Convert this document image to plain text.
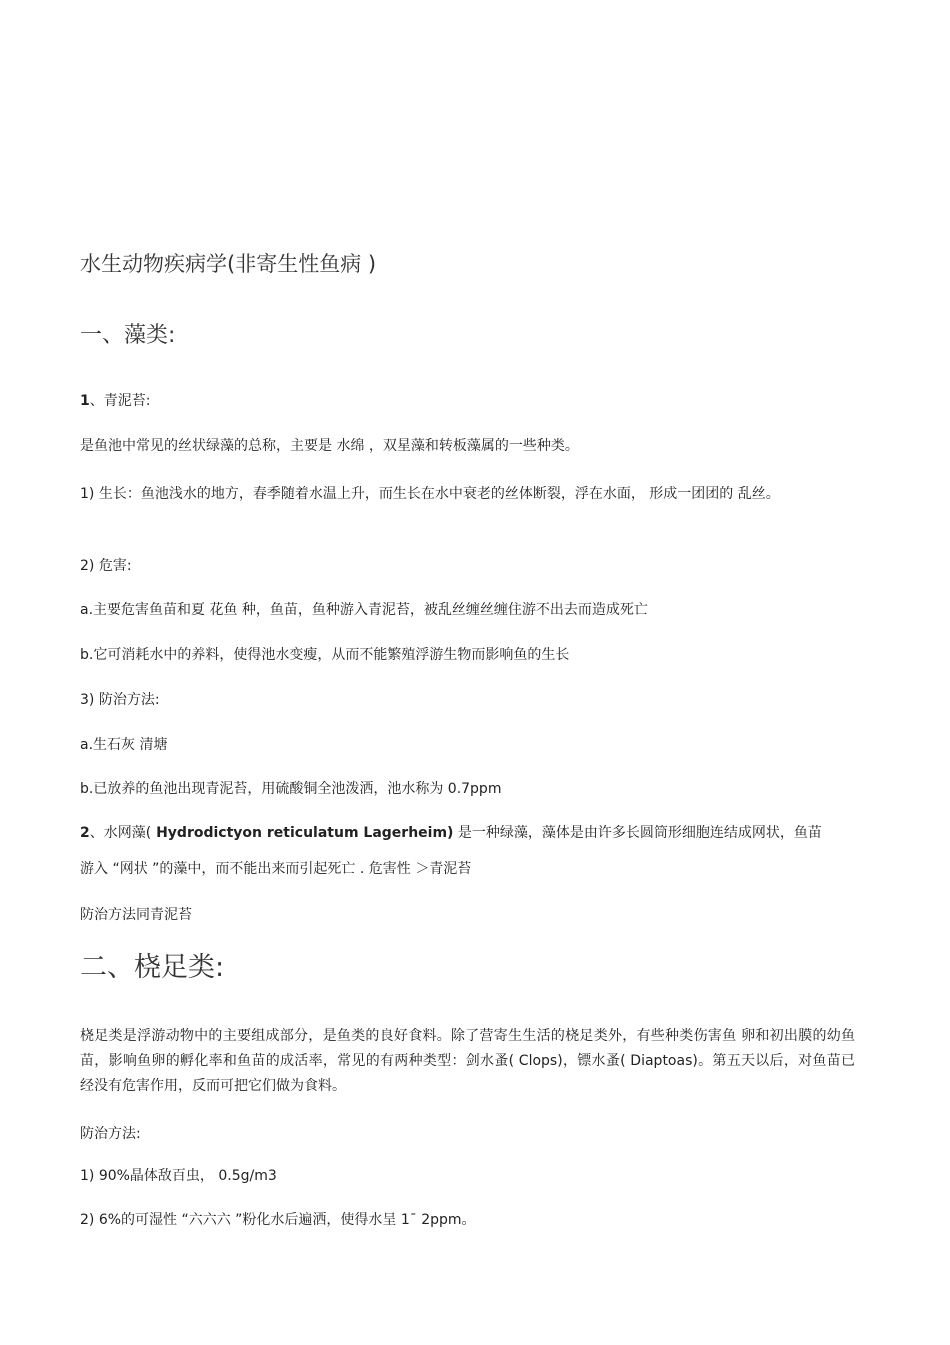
水生动物疾病学(非寄生性鱼病 )
一、藻类:
1、青泥苔:
是鱼池中常见的丝状绿藻的总称，主要是 水绵 ，双星藻和转板藻属的一些种类。
1) 生长：鱼池浅水的地方，春季随着水温上升，而生长在水中衰老的丝体断裂，浮在水面， 形成一团团的 乱丝。
2) 危害:
a.主要危害鱼苗和夏 花鱼 种，鱼苗，鱼种游入青泥苔，被乱丝缠丝缠住游不出去而造成死亡
b.它可消耗水中的养料，使得池水变瘦，从而不能繁殖浮游生物而影响鱼的生长
3) 防治方法:
a.生石灰 清塘
b.已放养的鱼池出现青泥苔，用硫酸铜全池泼洒，池水称为 0.7ppm
2、水网藻( Hydrodictyon reticulatum Lagerheim) 是一种绿藻，藻体是由许多长圆筒形细胞连结成网状，鱼苗
游入 “网状 ”的藻中，而不能出来而引起死亡 . 危害性 ＞青泥苔
防治方法同青泥苔
二、桡足类:
桡足类是浮游动物中的主要组成部分，是鱼类的良好食料。除了营寄生生活的桡足类外，有些种类伤害鱼 卵和初出膜的幼鱼苗，影响鱼卵的孵化率和鱼苗的成活率，常见的有两种类型：剑水蚤( Clops)，镖水蚤( Diaptoas)。第五天以后，对鱼苗已经没有危害作用，反而可把它们做为食料。
防治方法:
1) 90%晶体敌百虫， 0.5g/m3
2) 6%的可湿性 “六六六 ”粉化水后遍洒，使得水呈 1¯ 2ppm。
